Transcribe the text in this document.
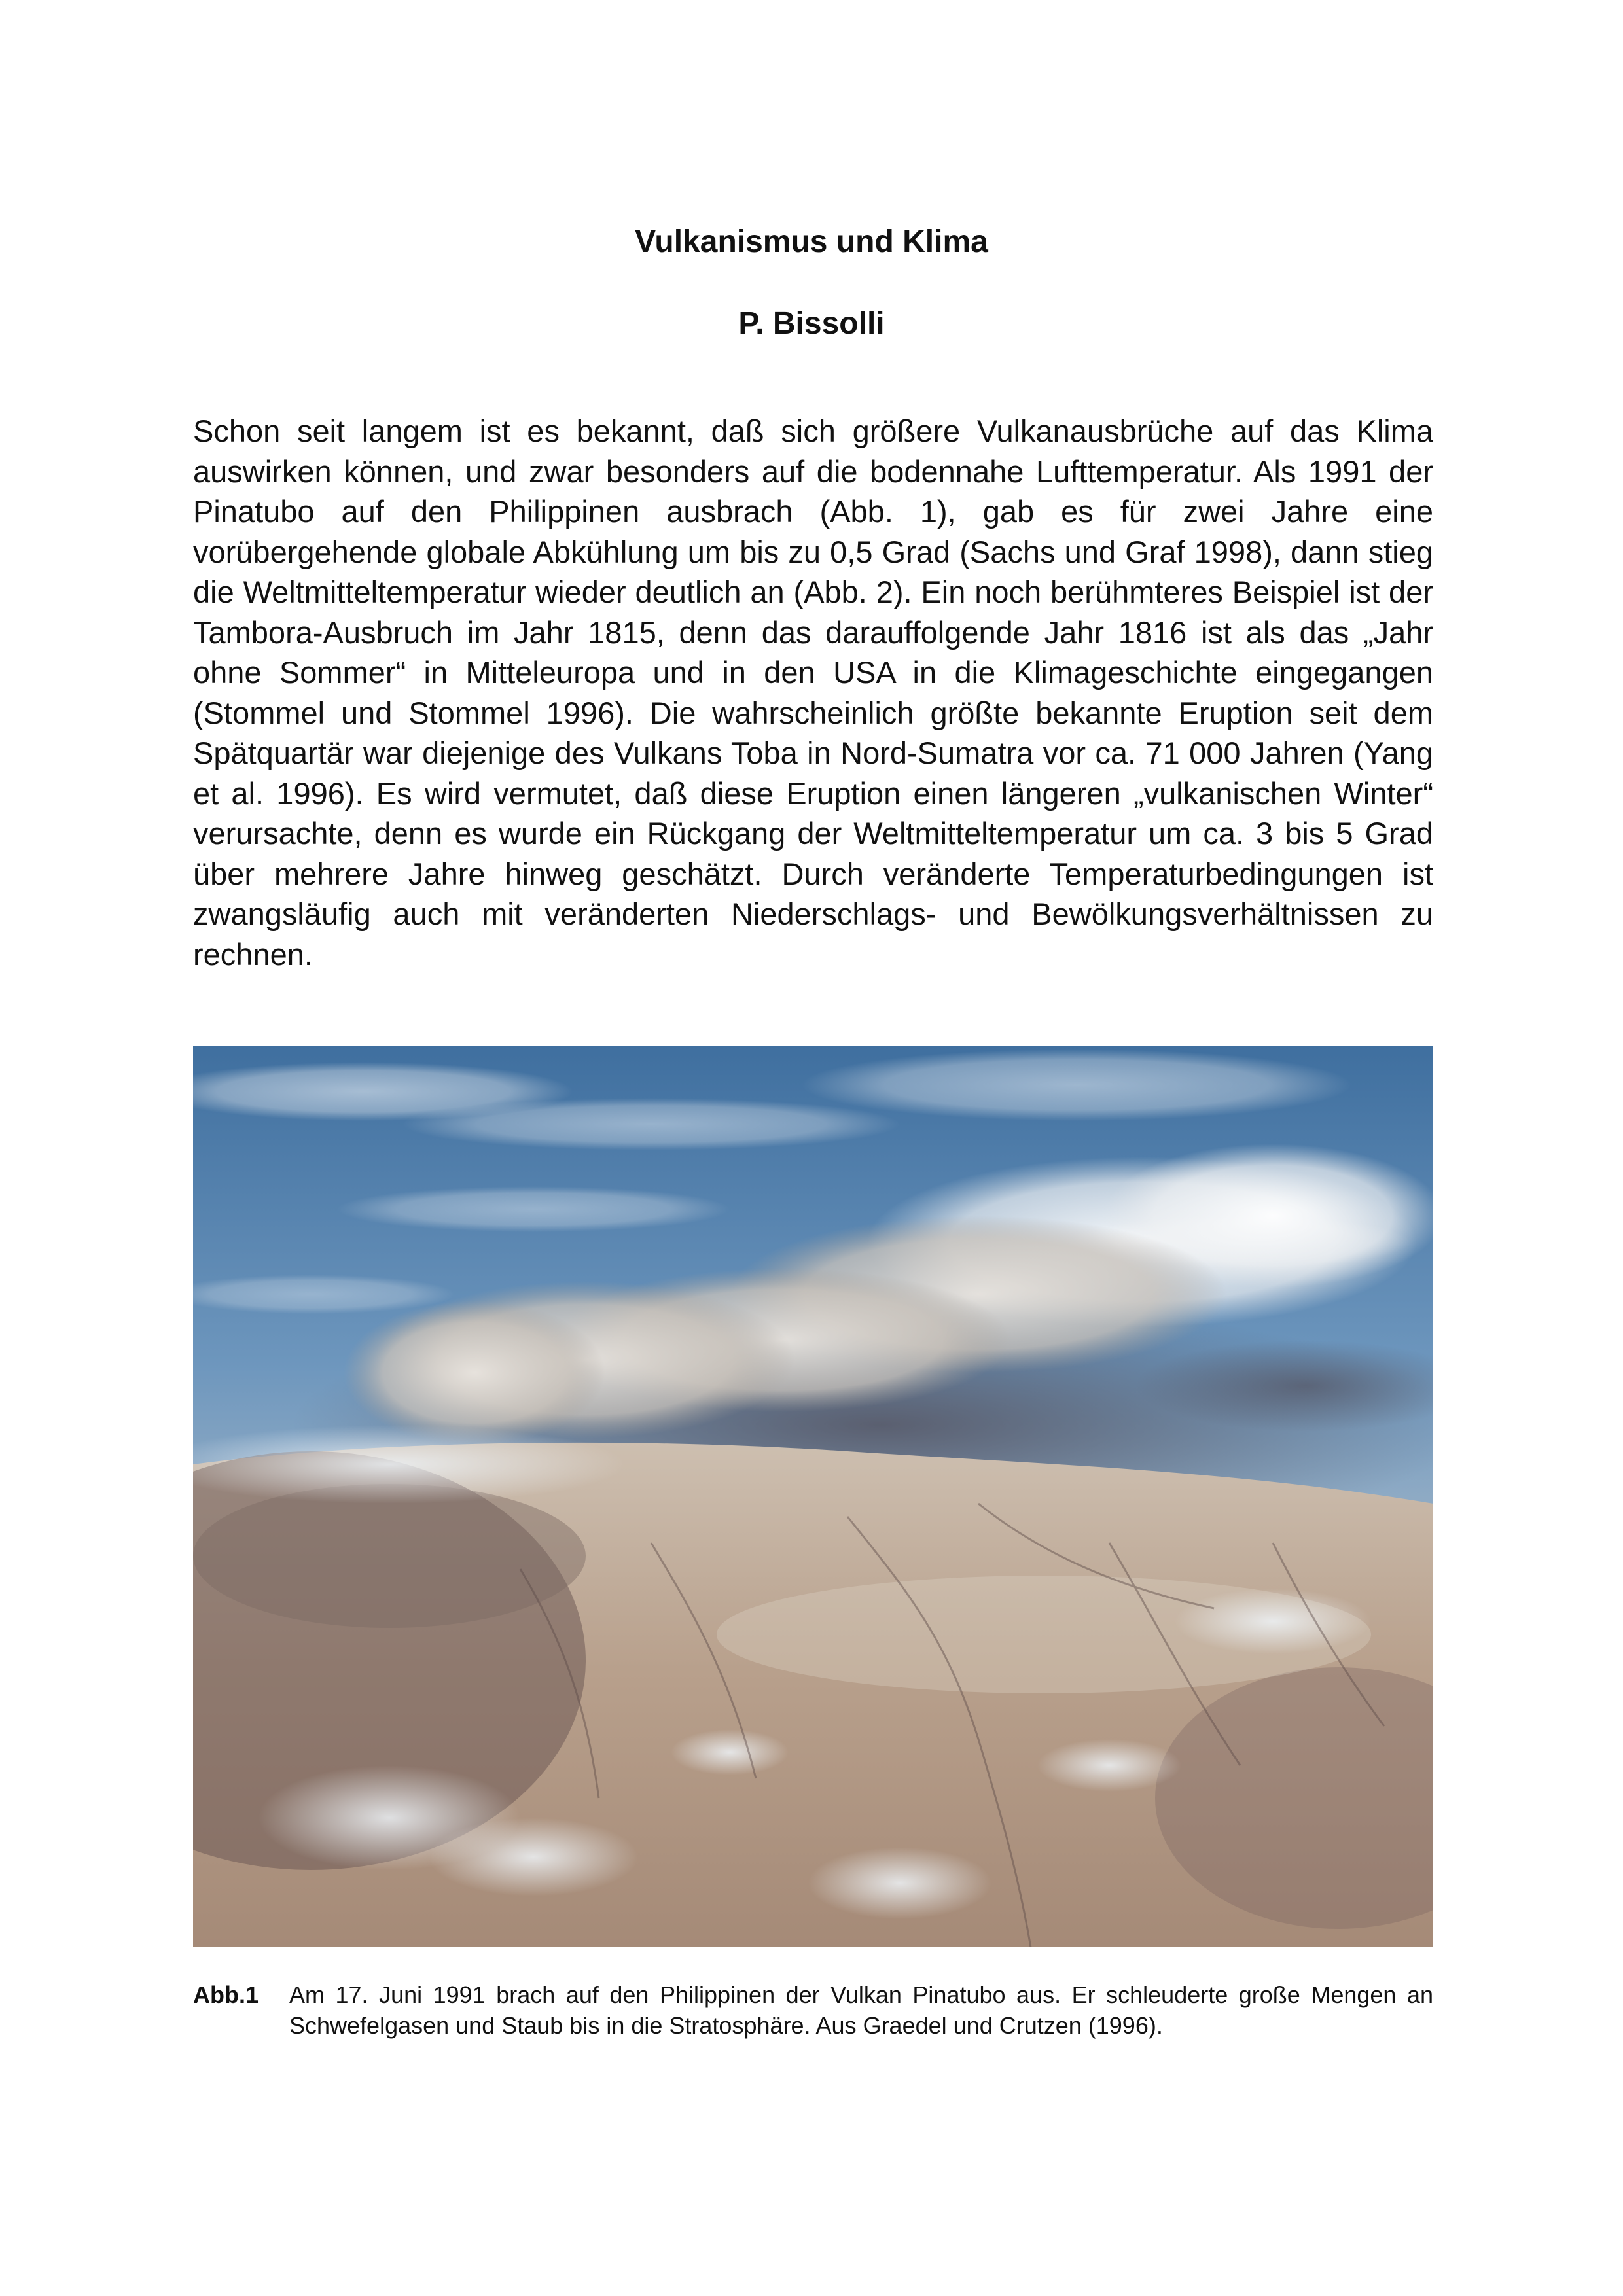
Vulkanismus und Klima
P. Bissolli

Schon seit langem ist es bekannt, daß sich größere Vulkanausbrüche auf das Klima auswirken können, und zwar besonders auf die bodennahe Lufttemperatur. Als 1991 der Pinatubo auf den Philippinen ausbrach (Abb. 1), gab es für zwei Jahre eine vorübergehende globale Abkühlung um bis zu 0,5 Grad (Sachs und Graf 1998), dann stieg die Weltmitteltemperatur wieder deutlich an (Abb. 2). Ein noch berühmteres Beispiel ist der Tambora-Ausbruch im Jahr 1815, denn das darauffolgende Jahr 1816 ist als das „Jahr ohne Sommer“ in Mitteleuropa und in den USA in die Klimageschichte eingegangen (Stommel und Stommel 1996). Die wahrscheinlich größte bekannte Eruption seit dem Spätquartär war diejenige des Vulkans Toba in Nord-Sumatra vor ca. 71 000 Jahren (Yang et al. 1996). Es wird vermutet, daß diese Eruption einen längeren „vulkanischen Winter“ verursachte, denn es wurde ein Rückgang der Weltmitteltemperatur um ca. 3 bis 5 Grad über mehrere Jahre hinweg geschätzt. Durch veränderte Temperaturbedingungen ist zwangsläufig auch mit veränderten Niederschlags- und Bewölkungsverhältnissen zu rechnen.

Abb.1	Am 17. Juni 1991 brach auf den Philippinen der Vulkan Pinatubo aus. Er schleuderte große Mengen an Schwefelgasen und Staub bis in die Stratosphäre. Aus Graedel und Crutzen (1996).
